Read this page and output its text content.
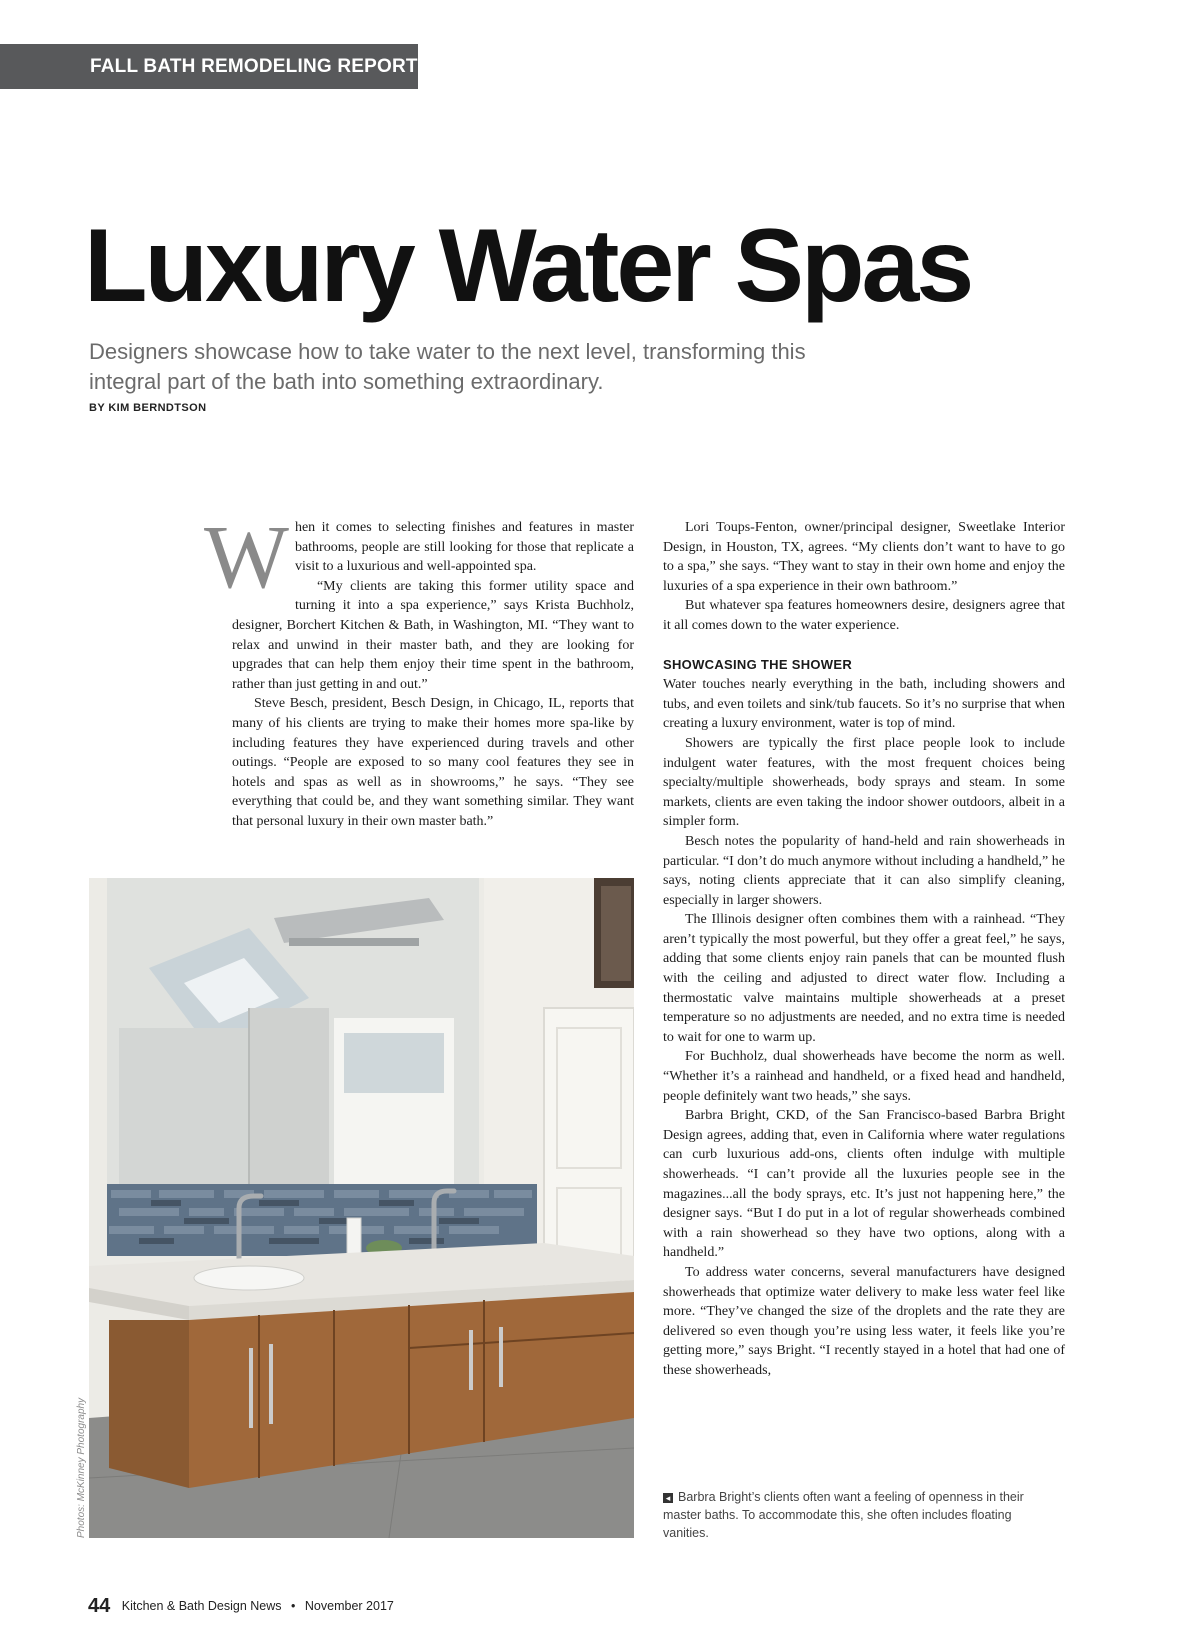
FALL BATH REMODELING REPORT
Luxury Water Spas

Designers showcase how to take water to the next level, transforming this integral part of the bath into something extraordinary.

BY KIM BERNDTSON
W hen it comes to selecting finishes and features in master bathrooms, people are still looking for those that replicate a visit to a luxurious and well-appointed spa.

“My clients are taking this former utility space and turning it into a spa experience,” says Krista Buchholz, designer, Borchert Kitchen & Bath, in Washington, MI. “They want to relax and unwind in their master bath, and they are looking for upgrades that can help them enjoy their time spent in the bathroom, rather than just getting in and out.”

Steve Besch, president, Besch Design, in Chicago, IL, reports that many of his clients are trying to make their homes more spa-like by including features they have experienced during travels and other outings. “People are exposed to so many cool features they see in hotels and spas as well as in showrooms,” he says. “They see everything that could be, and they want something similar. They want that personal luxury in their own master bath.”

Lori Toups-Fenton, owner/principal designer, Sweetlake Interior Design, in Houston, TX, agrees. “My clients don’t want to have to go to a spa,” she says. “They want to stay in their own home and enjoy the luxuries of a spa experience in their own bathroom.”

But whatever spa features homeowners desire, designers agree that it all comes down to the water experience.

SHOWCASING THE SHOWER

Water touches nearly everything in the bath, including showers and tubs, and even toilets and sink/tub faucets. So it’s no surprise that when creating a luxury environment, water is top of mind.

Showers are typically the first place people look to include indulgent water features, with the most frequent choices being specialty/multiple showerheads, body sprays and steam. In some markets, clients are even taking the indoor shower outdoors, albeit in a simpler form.

Besch notes the popularity of hand-held and rain showerheads in particular. “I don’t do much anymore without including a handheld,” he says, noting clients appreciate that it can also simplify cleaning, especially in larger showers.

The Illinois designer often combines them with a rainhead. “They aren’t typically the most powerful, but they offer a great feel,” he says, adding that some clients enjoy rain panels that can be mounted flush with the ceiling and adjusted to direct water flow. Including a thermostatic valve maintains multiple showerheads at a preset temperature so no adjustments are needed, and no extra time is needed to wait for one to warm up.

For Buchholz, dual showerheads have become the norm as well. “Whether it’s a rainhead and handheld, or a fixed head and handheld, people definitely want two heads,” she says.

Barbra Bright, CKD, of the San Francisco-based Barbra Bright Design agrees, adding that, even in California where water regulations can curb luxurious add-ons, clients often indulge with multiple showerheads. “I can’t provide all the luxuries people see in the magazines...all the body sprays, etc. It’s just not happening here,” the designer says. “But I do put in a lot of regular showerheads combined with a rain showerhead so they have two options, along with a handheld.”

To address water concerns, several manufacturers have designed showerheads that optimize water delivery to make less water feel like more. “They’ve changed the size of the droplets and the rate they are delivered so even though you’re using less water, it feels like you’re getting more,” says Bright. “I recently stayed in a hotel that had one of these showerheads,

Photos: McKinney Photography	◂ Barbra Bright’s clients often want a feeling of openness in their master baths. To accommodate this, she often includes floating vanities.

44 Kitchen & Bath Design News • November 2017
